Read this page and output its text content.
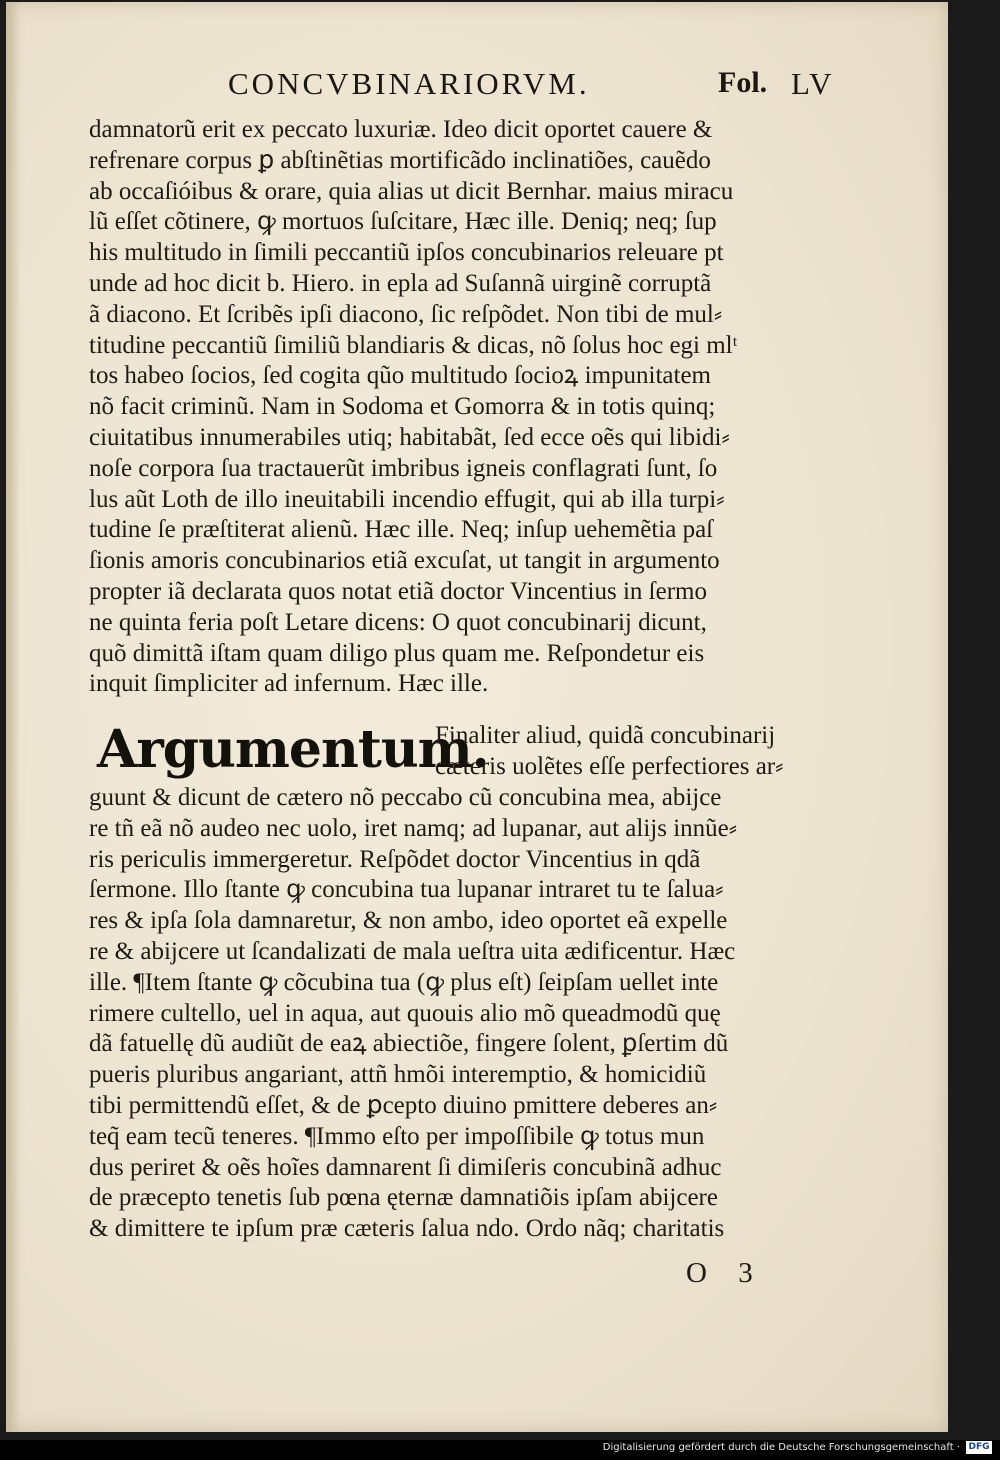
CONCVBINARIORVM.	Fol. LV
damnatorũ erit ex peccato luxuriæ. Ideo dicit oportet cauere &
refrenare corpus ꝑ abſtinẽtias mortificãdo inclinatiões, cauẽdo
ab occaſióibus & orare, quia alias ut dicit Bernhar. maius miracu
lũ eſſet cõtinere, ꝙ mortuos ſuſcitare, Hæc ille. Deniq; neq; ſup
his multitudo in ſimili peccantiũ ipſos concubinarios releuare pt
unde ad hoc dicit b. Hiero. in epla ad Suſannã uirginẽ corruptã
ã diacono. Et ſcribẽs ipſi diacono, ſic reſpõdet. Non tibi de mul⸗
titudine peccantiũ ſimiliũ blandiaris & dicas, nõ ſolus hoc egi mlᵗ
tos habeo ſocios, ſed cogita qũo multitudo ſocioꝝ impunitatem
nõ facit criminũ. Nam in Sodoma et Gomorra & in totis quinq;
ciuitatibus innumerabiles utiq; habitabãt, ſed ecce oẽs qui libidi⸗
noſe corpora ſua tractauerũt imbribus igneis conflagrati ſunt, ſo
lus aũt Loth de illo ineuitabili incendio effugit, qui ab illa turpi⸗
tudine ſe præſtiterat alienũ. Hæc ille. Neq; inſup uehemẽtia paſ
ſionis amoris concubinarios etiã excuſat, ut tangit in argumento
propter iã declarata quos notat etiã doctor Vincentius in ſermo
ne quinta feria poſt Letare dicens: O quot concubinarij dicunt,
quõ dimittã iſtam quam diligo plus quam me. Reſpondetur eis
inquit ſimpliciter ad infernum. Hæc ille.
Argumentum.
Finaliter aliud, quidã concubinarij
cæteris uolẽtes eſſe perfectiores ar⸗
guunt & dicunt de cætero nõ peccabo cũ concubina mea, abijce
re tñ eã nõ audeo nec uolo, iret namq; ad lupanar, aut alijs innũe⸗
ris periculis immergeretur. Reſpõdet doctor Vincentius in qdã
ſermone. Illo ſtante ꝙ concubina tua lupanar intraret tu te ſalua⸗
res & ipſa ſola damnaretur, & non ambo, ideo oportet eã expelle
re & abijcere ut ſcandalizati de mala ueſtra uita ædificentur. Hæc
ille. ¶Item ſtante ꝙ cõcubina tua (ꝙ plus eſt) ſeipſam uellet inte
rimere cultello, uel in aqua, aut quouis alio mõ queadmodũ quę
dã fatuellę dũ audiũt de eaꝝ abiectiõe, fingere ſolent, ꝑſertim dũ
pueris pluribus angariant, attñ hmõi interemptio, & homicidiũ
tibi permittendũ eſſet, & de ꝑcepto diuino pmittere deberes an⸗
teq̃ eam tecũ teneres. ¶Immo eſto per impoſſibile ꝙ totus mun
dus periret & oẽs hoĩes damnarent ſi dimiſeris concubinã adhuc
de præcepto tenetis ſub pœna ęternæ damnatiõis ipſam abijcere
& dimittere te ipſum præ cæteris ſalua ndo. Ordo nãq; charitatis
O 3
Digitalisierung gefördert durch die Deutsche Forschungsgemeinschaft · DFG
